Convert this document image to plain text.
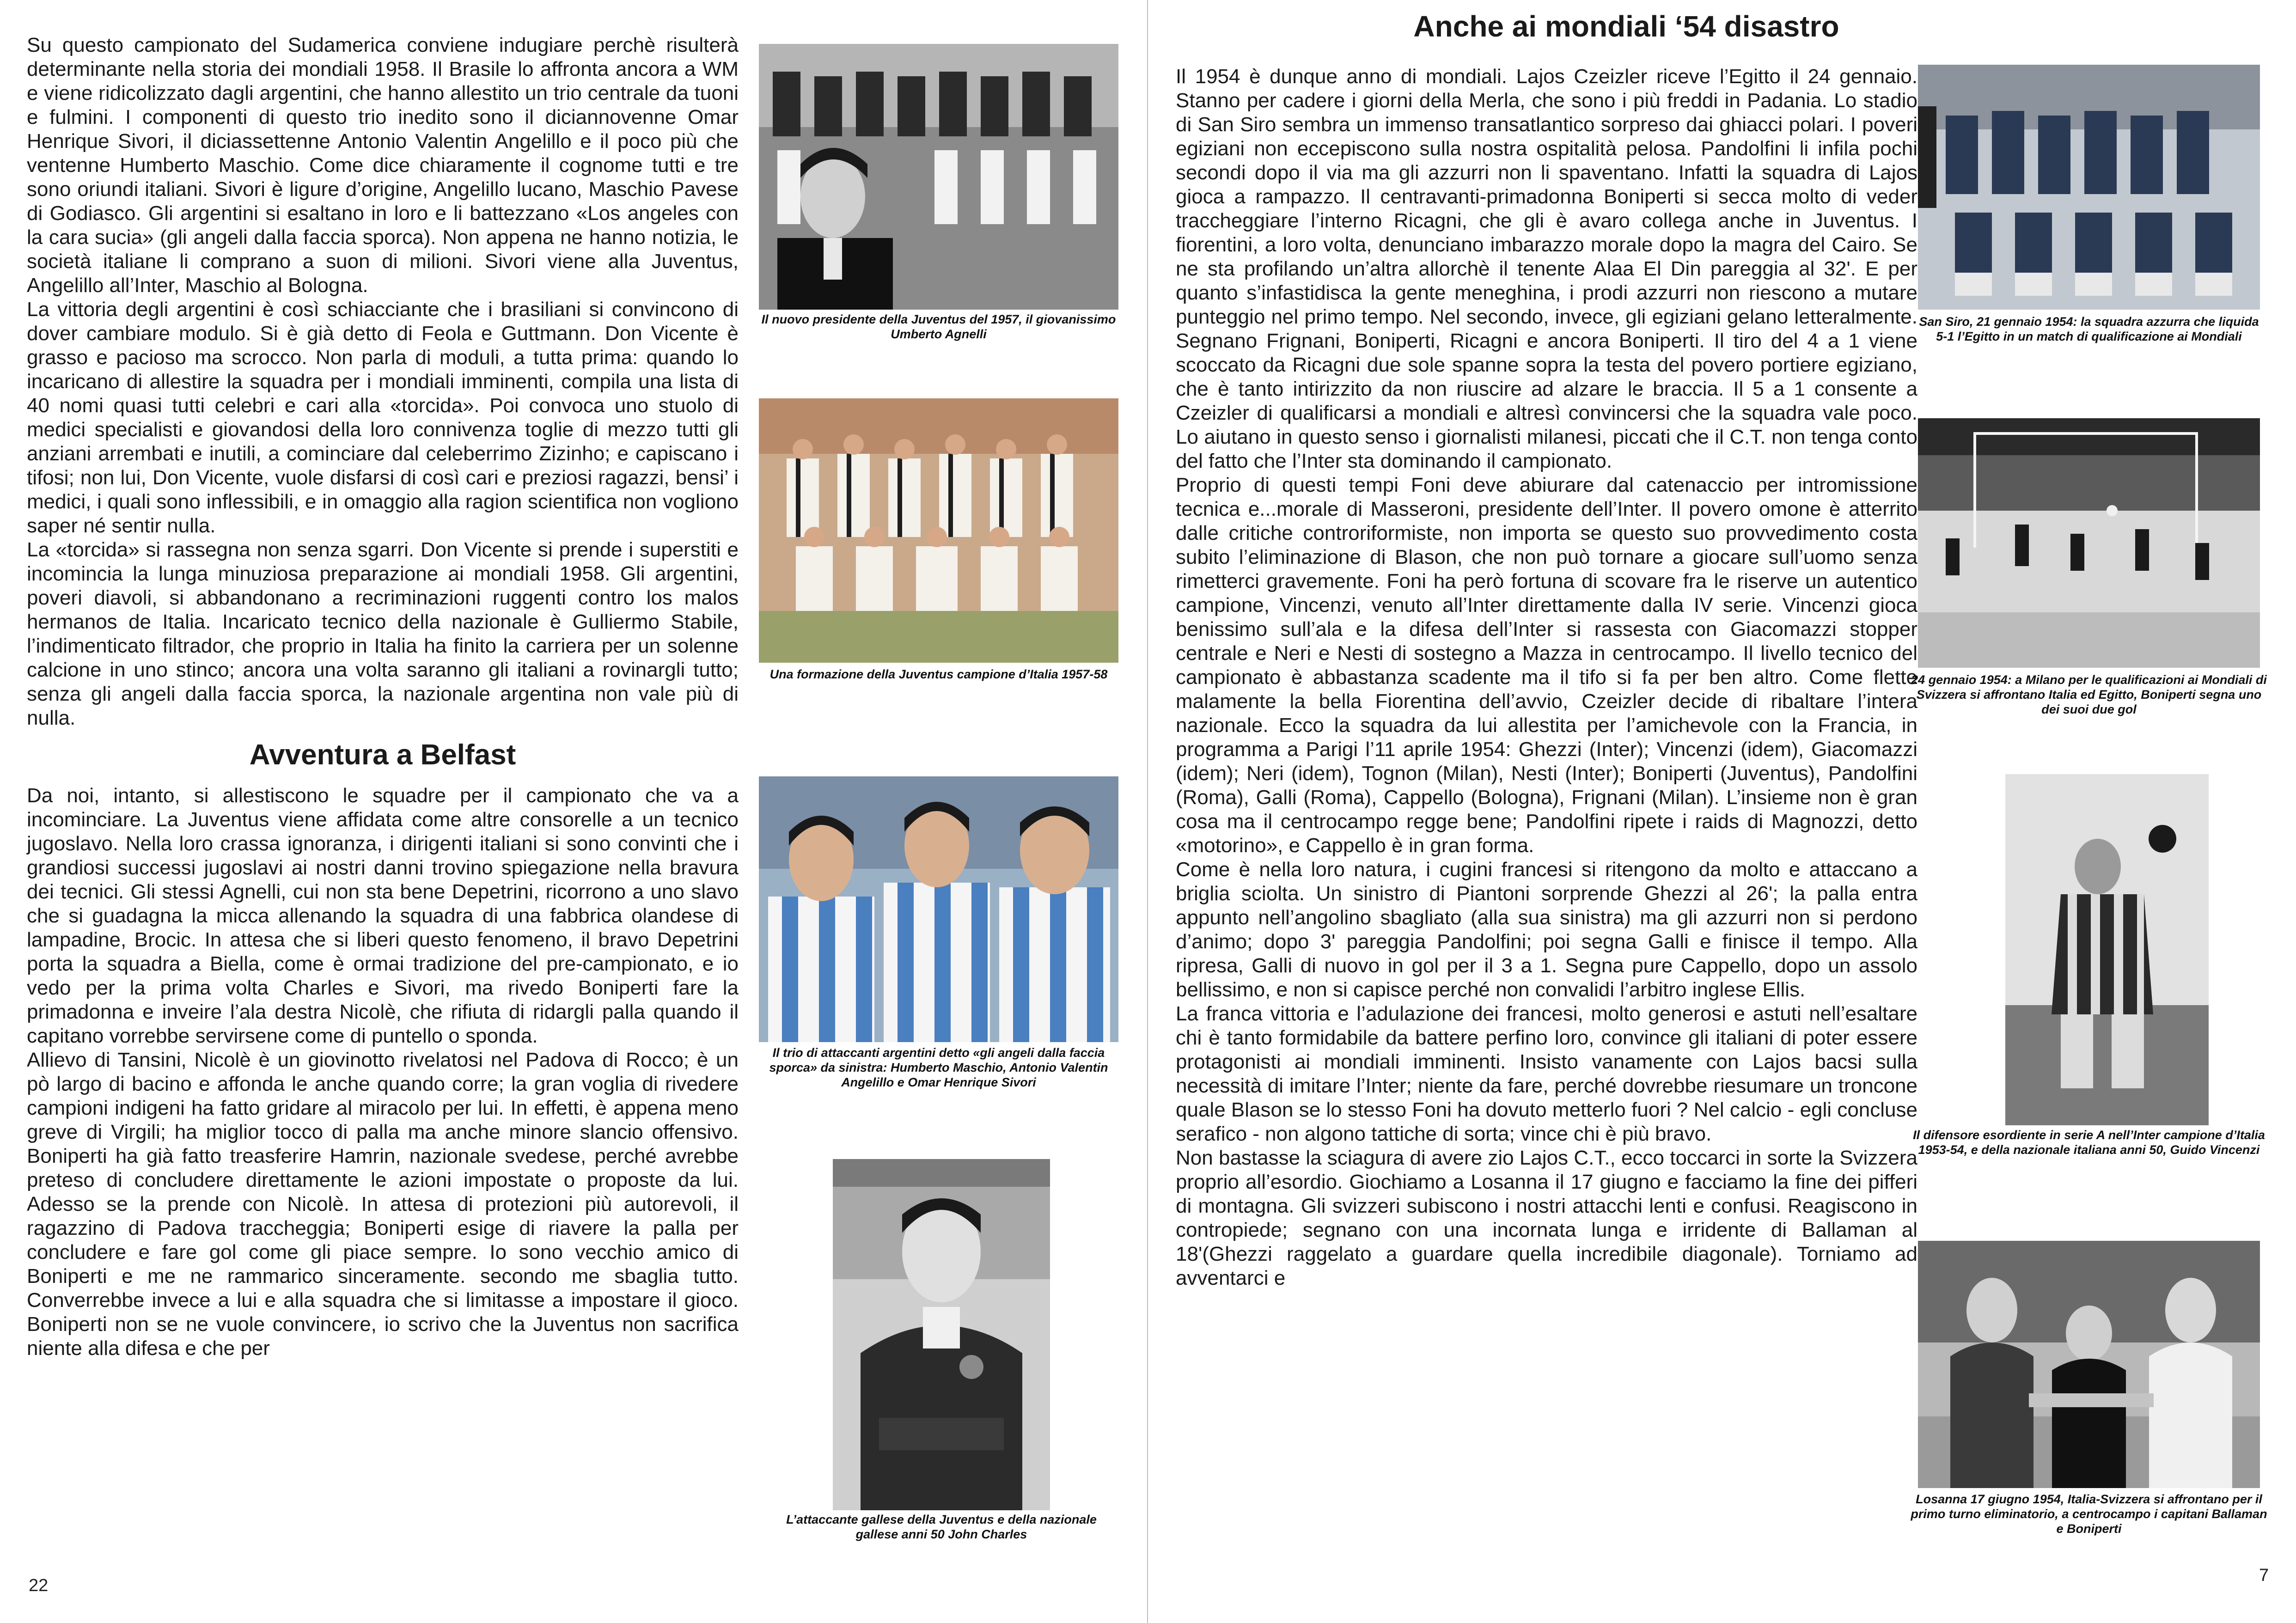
Su questo campionato del Sudamerica conviene indugiare perchè risulterà determinante nella storia dei mondiali 1958. Il Brasile lo affronta ancora a WM e viene ridicolizzato dagli argentini, che hanno allestito un trio centrale da tuoni e fulmini. I componenti di questo trio inedito sono il diciannovenne Omar Henrique Sivori, il diciassettenne Antonio Valentin Angelillo e il poco più che ventenne Humberto Maschio. Come dice chiaramente il cognome tutti e tre sono oriundi italiani. Sivori è ligure d’origine, Angelillo lucano, Maschio Pavese di Godiasco. Gli argentini si esaltano in loro e li battezzano «Los angeles con la cara sucia» (gli angeli dalla faccia sporca). Non appena ne hanno notizia, le società italiane li comprano a suon di milioni. Sivori viene alla Juventus, Angelillo all’Inter, Maschio al Bologna.

La vittoria degli argentini è così schiacciante che i brasiliani si convincono di dover cambiare modulo. Si è già detto di Feola e Guttmann. Don Vicente è grasso e pacioso ma scrocco. Non parla di moduli, a tutta prima: quando lo incaricano di allestire la squadra per i mondiali imminenti, compila una lista di 40 nomi quasi tutti celebri e cari alla «torcida». Poi convoca uno stuolo di medici specialisti e giovandosi della loro connivenza toglie di mezzo tutti gli anziani arrembati e inutili, a cominciare dal celeberrimo Zizinho; e capiscano i tifosi; non lui, Don Vicente, vuole disfarsi di così cari e preziosi ragazzi, bensi’ i medici, i quali sono inflessibili, e in omaggio alla ragion scientifica non vogliono saper né sentir nulla.

La «torcida» si rassegna non senza sgarri. Don Vicente si prende i superstiti e incomincia la lunga minuziosa preparazione ai mondiali 1958. Gli argentini, poveri diavoli, si abbandonano a recriminazioni ruggenti contro los malos hermanos de Italia. Incaricato tecnico della nazionale è Gulliermo Stabile, l’indimenticato filtrador, che proprio in Italia ha finito la carriera per un solenne calcione in uno stinco; ancora una volta saranno gli italiani a rovinargli tutto; senza gli angeli dalla faccia sporca, la nazionale argentina non vale più di nulla.

Avventura a Belfast

Da noi, intanto, si allestiscono le squadre per il campionato che va a incominciare. La Juventus viene affidata come altre consorelle a un tecnico jugoslavo. Nella loro crassa ignoranza, i dirigenti italiani si sono convinti che i grandiosi successi jugoslavi ai nostri danni trovino spiegazione nella bravura dei tecnici. Gli stessi Agnelli, cui non sta bene Depetrini, ricorrono a uno slavo che si guadagna la micca allenando la squadra di una fabbrica olandese di lampadine, Brocic. In attesa che si liberi questo fenomeno, il bravo Depetrini porta la squadra a Biella, come è ormai tradizione del pre-campionato, e io vedo per la prima volta Charles e Sivori, ma rivedo Boniperti fare la primadonna e inveire l’ala destra Nicolè, che rifiuta di ridargli palla quando il capitano vorrebbe servirsene come di puntello o sponda.

Allievo di Tansini, Nicolè è un giovinotto rivelatosi nel Padova di Rocco; è un pò largo di bacino e affonda le anche quando corre; la gran voglia di rivedere campioni indigeni ha fatto gridare al miracolo per lui. In effetti, è appena meno greve di Virgili; ha miglior tocco di palla ma anche minore slancio offensivo. Boniperti ha già fatto treasferire Hamrin, nazionale svedese, perché avrebbe preteso di concludere direttamente le azioni impostate o proposte da lui. Adesso se la prende con Nicolè. In attesa di protezioni più autorevoli, il ragazzino di Padova traccheggia; Boniperti esige di riavere la palla per concludere e fare gol come gli piace sempre. Io sono vecchio amico di Boniperti e me ne rammarico sinceramente. secondo me sbaglia tutto. Converrebbe invece a lui e alla squadra che si limitasse a impostare il gioco. Boniperti non se ne vuole convincere, io scrivo che la Juventus non sacrifica niente alla difesa e che per

Il nuovo presidente della Juventus del 1957, il giovanissimo Umberto Agnelli
Una formazione della Juventus campione d’Italia 1957-58
Il trio di attaccanti argentini detto «gli angeli dalla faccia sporca» da sinistra: Humberto Maschio, Antonio Valentin Angelillo e Omar Henrique Sivori
L’attaccante gallese della Juventus e della nazionale gallese anni 50 John Charles
22
Anche ai mondiali ‘54 disastro

Il 1954 è dunque anno di mondiali. Lajos Czeizler riceve l’Egitto il 24 gennaio. Stanno per cadere i giorni della Merla, che sono i più freddi in Padania. Lo stadio di San Siro sembra un immenso transatlantico sorpreso dai ghiacci polari. I poveri egiziani non eccepiscono sulla nostra ospitalità pelosa. Pandolfini li infila pochi secondi dopo il via ma gli azzurri non li spaventano. Infatti la squadra di Lajos gioca a rampazzo. Il centravanti-primadonna Boniperti si secca molto di veder traccheggiare l’interno Ricagni, che gli è avaro collega anche in Juventus. I fiorentini, a loro volta, denunciano imbarazzo morale dopo la magra del Cairo. Se ne sta profilando un’altra allorchè il tenente Alaa El Din pareggia al 32'. E per quanto s’infastidisca la gente meneghina, i prodi azzurri non riescono a mutare punteggio nel primo tempo. Nel secondo, invece, gli egiziani gelano letteralmente. Segnano Frignani, Boniperti, Ricagni e ancora Boniperti. Il tiro del 4 a 1 viene scoccato da Ricagni due sole spanne sopra la testa del povero portiere egiziano, che è tanto intirizzito da non riuscire ad alzare le braccia. Il 5 a 1 consente a Czeizler di qualificarsi a mondiali e altresì convincersi che la squadra vale poco. Lo aiutano in questo senso i giornalisti milanesi, piccati che il C.T. non tenga conto del fatto che l’Inter sta dominando il campionato.

Proprio di questi tempi Foni deve abiurare dal catenaccio per intromissione tecnica e...morale di Masseroni, presidente dell’Inter. Il povero omone è atterrito dalle critiche controriformiste, non importa se questo suo provvedimento costa subito l’eliminazione di Blason, che non può tornare a giocare sull’uomo senza rimetterci gravemente. Foni ha però fortuna di scovare fra le riserve un autentico campione, Vincenzi, venuto all’Inter direttamente dalla IV serie. Vincenzi gioca benissimo sull’ala e la difesa dell’Inter si rassesta con Giacomazzi stopper centrale e Neri e Nesti di sostegno a Mazza in centrocampo. Il livello tecnico del campionato è abbastanza scadente ma il tifo si fa per ben altro. Come flette malamente la bella Fiorentina dell’avvio, Czeizler decide di ribaltare l’intera nazionale. Ecco la squadra da lui allestita per l’amichevole con la Francia, in programma a Parigi l’11 aprile 1954: Ghezzi (Inter); Vincenzi (idem), Giacomazzi (idem); Neri (idem), Tognon (Milan), Nesti (Inter); Boniperti (Juventus), Pandolfini (Roma), Galli (Roma), Cappello (Bologna), Frignani (Milan). L’insieme non è gran cosa ma il centrocampo regge bene; Pandolfini ripete i raids di Magnozzi, detto «motorino», e Cappello è in gran forma.

Come è nella loro natura, i cugini francesi si ritengono da molto e attaccano a briglia sciolta. Un sinistro di Piantoni sorprende Ghezzi al 26'; la palla entra appunto nell’angolino sbagliato (alla sua sinistra) ma gli azzurri non si perdono d’animo; dopo 3' pareggia Pandolfini; poi segna Galli e finisce il tempo. Alla ripresa, Galli di nuovo in gol per il 3 a 1. Segna pure Cappello, dopo un assolo bellissimo, e non si capisce perché non convalidi l’arbitro inglese Ellis.

La franca vittoria e l’adulazione dei francesi, molto generosi e astuti nell’esaltare chi è tanto formidabile da battere perfino loro, convince gli italiani di poter essere protagonisti ai mondiali imminenti. Insisto vanamente con Lajos bacsi sulla necessità di imitare l’Inter; niente da fare, perché dovrebbe riesumare un troncone quale Blason se lo stesso Foni ha dovuto metterlo fuori ? Nel calcio - egli concluse serafico - non algono tattiche di sorta; vince chi è più bravo.

Non bastasse la sciagura di avere zio Lajos C.T., ecco toccarci in sorte la Svizzera proprio all’esordio. Giochiamo a Losanna il 17 giugno e facciamo la fine dei pifferi di montagna. Gli svizzeri subiscono i nostri attacchi lenti e confusi. Reagiscono in contropiede; segnano con una incornata lunga e irridente di Ballaman al 18'(Ghezzi raggelato a guardare quella incredibile diagonale). Torniamo ad avventarci e

San Siro, 21 gennaio 1954: la squadra azzurra che liquida 5-1 l’Egitto in un match di qualificazione ai Mondiali
24 gennaio 1954: a Milano per le qualificazioni ai Mondiali di Svizzera si affrontano Italia ed Egitto, Boniperti segna uno dei suoi due gol
Il difensore esordiente in serie A nell’Inter campione d’Italia 1953-54, e della nazionale italiana anni 50, Guido Vincenzi
Losanna 17 giugno 1954, Italia-Svizzera si affrontano per il primo turno eliminatorio, a centrocampo i capitani Ballaman e Boniperti
7
